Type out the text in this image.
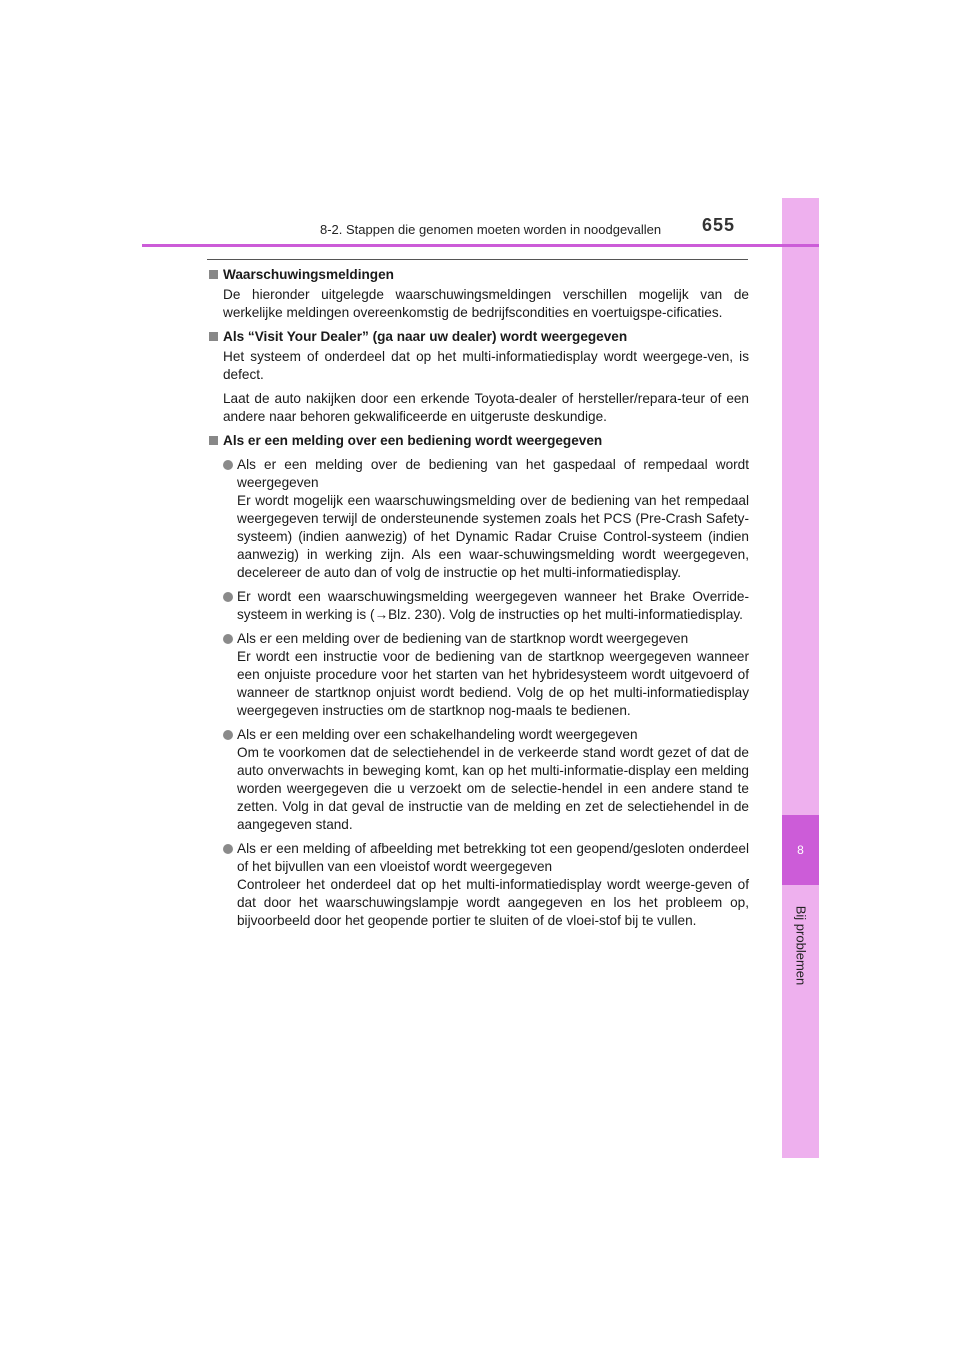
8
Bij problemen
8-2. Stappen die genomen moeten worden in noodgevallen 655
Waarschuwingsmeldingen
De hieronder uitgelegde waarschuwingsmeldingen verschillen mogelijk van de werkelijke meldingen overeenkomstig de bedrijfscondities en voertuigspe-cificaties.
Als “Visit Your Dealer” (ga naar uw dealer) wordt weergegeven
Het systeem of onderdeel dat op het multi-informatiedisplay wordt weergege-ven, is defect.
Laat de auto nakijken door een erkende Toyota-dealer of hersteller/repara-teur of een andere naar behoren gekwalificeerde en uitgeruste deskundige.
Als er een melding over een bediening wordt weergegeven
Als er een melding over de bediening van het gaspedaal of rempedaal wordt weergegeven
Er wordt mogelijk een waarschuwingsmelding over de bediening van het rempedaal weergegeven terwijl de ondersteunende systemen zoals het PCS (Pre-Crash Safety-systeem) (indien aanwezig) of het Dynamic Radar Cruise Control-systeem (indien aanwezig) in werking zijn. Als een waar-schuwingsmelding wordt weergegeven, decelereer de auto dan of volg de instructie op het multi-informatiedisplay.
Er wordt een waarschuwingsmelding weergegeven wanneer het Brake Override-systeem in werking is (→Blz. 230). Volg de instructies op het multi-informatiedisplay.
Als er een melding over de bediening van de startknop wordt weergegeven
Er wordt een instructie voor de bediening van de startknop weergegeven wanneer een onjuiste procedure voor het starten van het hybridesysteem wordt uitgevoerd of wanneer de startknop onjuist wordt bediend. Volg de op het multi-informatiedisplay weergegeven instructies om de startknop nog-maals te bedienen.
Als er een melding over een schakelhandeling wordt weergegeven
Om te voorkomen dat de selectiehendel in de verkeerde stand wordt gezet of dat de auto onverwachts in beweging komt, kan op het multi-informatie-display een melding worden weergegeven die u verzoekt om de selectie-hendel in een andere stand te zetten. Volg in dat geval de instructie van de melding en zet de selectiehendel in de aangegeven stand.
Als er een melding of afbeelding met betrekking tot een geopend/gesloten onderdeel of het bijvullen van een vloeistof wordt weergegeven
Controleer het onderdeel dat op het multi-informatiedisplay wordt weerge-geven of dat door het waarschuwingslampje wordt aangegeven en los het probleem op, bijvoorbeeld door het geopende portier te sluiten of de vloei-stof bij te vullen.
